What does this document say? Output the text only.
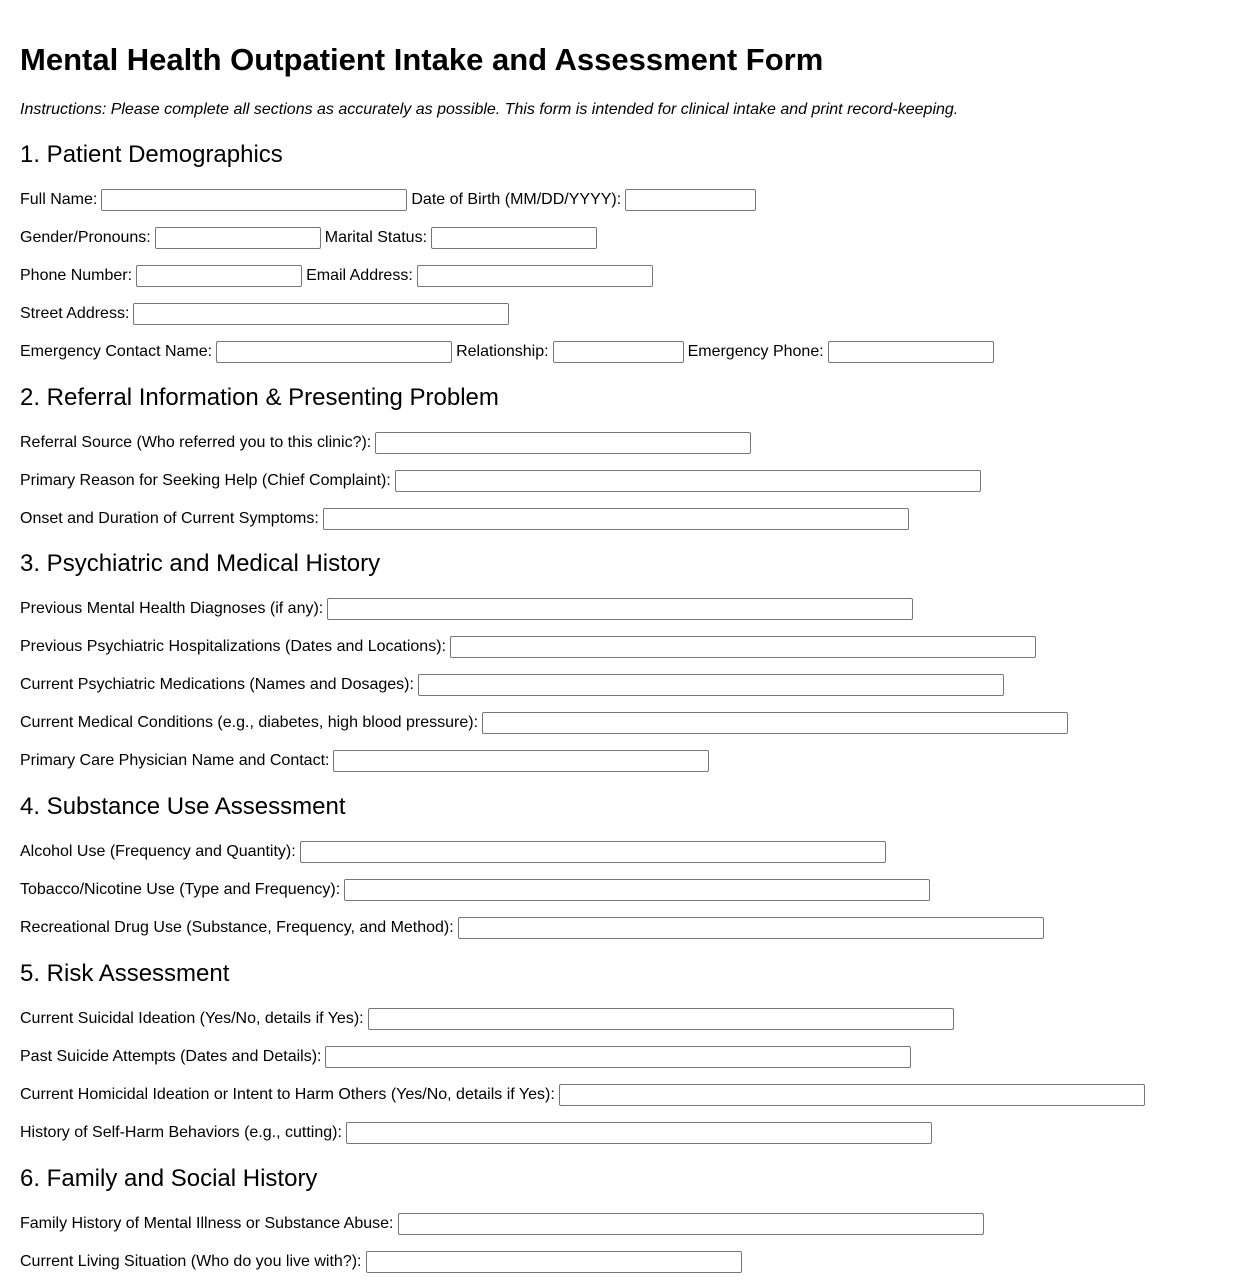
Mental Health Outpatient Intake and Assessment Form

Instructions: Please complete all sections as accurately as possible. This form is intended for clinical intake and print record-keeping.

1. Patient Demographics
Full Name:	Date of Birth (MM/DD/YYYY):
Gender/Pronouns:	Marital Status:
Phone Number:	Email Address:
Street Address:
Emergency Contact Name:	Relationship:	Emergency Phone:
2. Referral Information & Presenting Problem
Referral Source (Who referred you to this clinic?):
Primary Reason for Seeking Help (Chief Complaint):
Onset and Duration of Current Symptoms:
3. Psychiatric and Medical History
Previous Mental Health Diagnoses (if any):
Previous Psychiatric Hospitalizations (Dates and Locations):
Current Psychiatric Medications (Names and Dosages):
Current Medical Conditions (e.g., diabetes, high blood pressure):
Primary Care Physician Name and Contact:
4. Substance Use Assessment
Alcohol Use (Frequency and Quantity):
Tobacco/Nicotine Use (Type and Frequency):
Recreational Drug Use (Substance, Frequency, and Method):
5. Risk Assessment
Current Suicidal Ideation (Yes/No, details if Yes):
Past Suicide Attempts (Dates and Details):
Current Homicidal Ideation or Intent to Harm Others (Yes/No, details if Yes):
History of Self-Harm Behaviors (e.g., cutting):
6. Family and Social History
Family History of Mental Illness or Substance Abuse:
Current Living Situation (Who do you live with?):
